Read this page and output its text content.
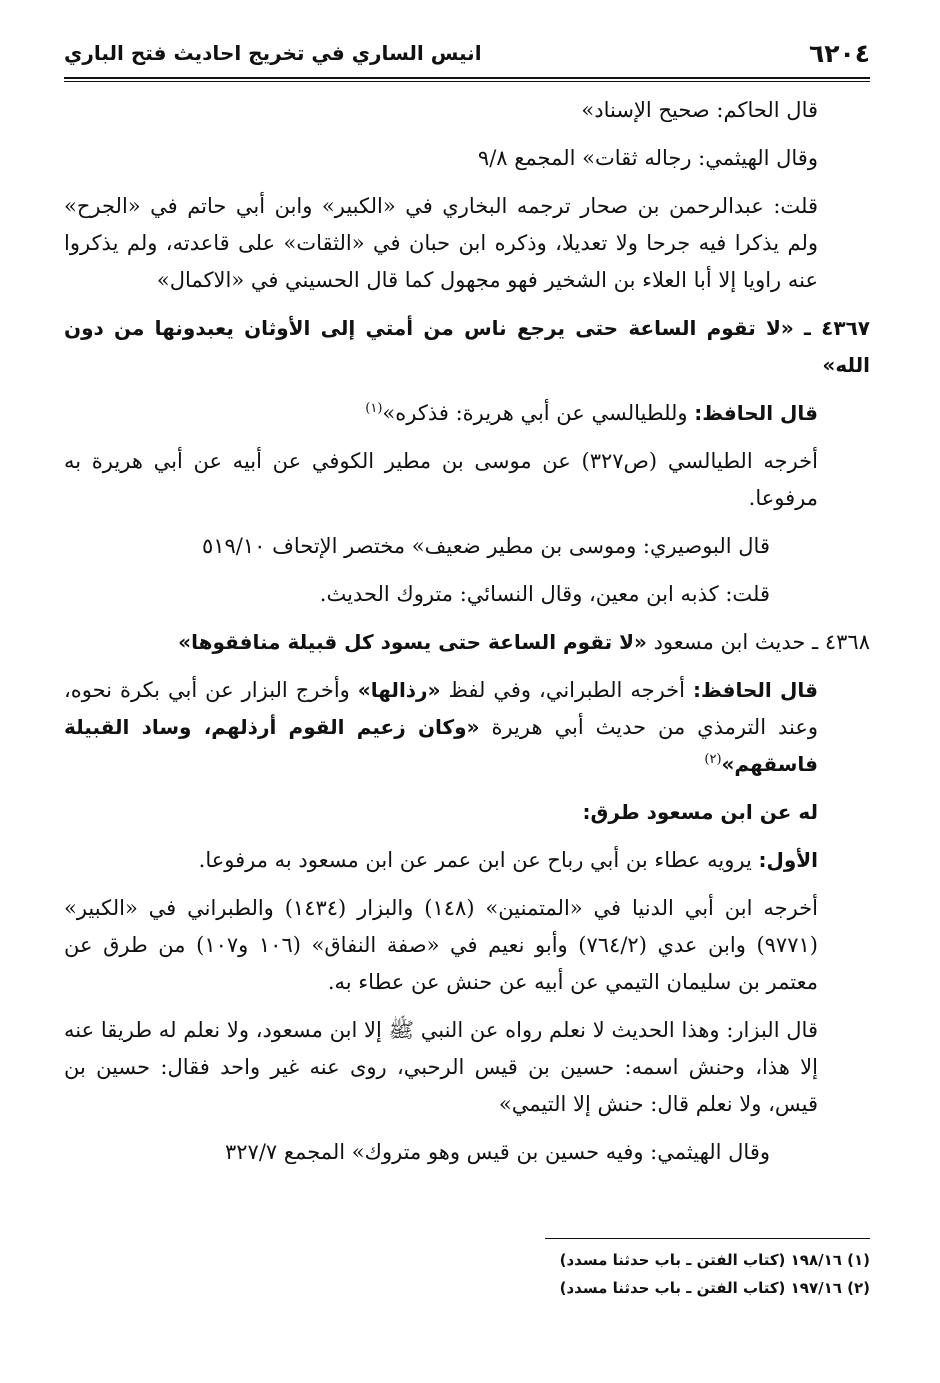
٦٢٠٤
انيس الساري في تخريج احاديث فتح الباري

قال الحاكم: صحيح الإسناد»

وقال الهيثمي: رجاله ثقات» المجمع ٩/٨

قلت: عبدالرحمن بن صحار ترجمه البخاري في «الكبير» وابن أبي حاتم في «الجرح» ولم يذكرا فيه جرحا ولا تعديلا، وذكره ابن حبان في «الثقات» على قاعدته، ولم يذكروا عنه راويا إلا أبا العلاء بن الشخير فهو مجهول كما قال الحسيني في «الاكمال»

٤٣٦٧ ـ «لا تقوم الساعة حتى يرجع ناس من أمتي إلى الأوثان يعبدونها من دون الله»

قال الحافظ: وللطيالسي عن أبي هريرة: فذكره»$^{(١)}$

أخرجه الطيالسي (ص٣٢٧) عن موسى بن مطير الكوفي عن أبيه عن أبي هريرة به مرفوعا.

قال البوصيري: وموسى بن مطير ضعيف» مختصر الإتحاف ٥١٩/١٠

قلت: كذبه ابن معين، وقال النسائي: متروك الحديث.

٤٣٦٨ ـ حديث ابن مسعود «لا تقوم الساعة حتى يسود كل قبيلة منافقوها»

قال الحافظ: أخرجه الطبراني، وفي لفظ «رذالها» وأخرج البزار عن أبي بكرة نحوه، وعند الترمذي من حديث أبي هريرة «وكان زعيم القوم أرذلهم، وساد القبيلة فاسقهم»$^{(٢)}$

له عن ابن مسعود طرق:

الأول: يرويه عطاء بن أبي رباح عن ابن عمر عن ابن مسعود به مرفوعا.

أخرجه ابن أبي الدنيا في «المتمنين» (١٤٨) والبزار (١٤٣٤) والطبراني في «الكبير» (٩٧٧١) وابن عدي (٧٦٤/٢) وأبو نعيم في «صفة النفاق» (١٠٦ و١٠٧) من طرق عن معتمر بن سليمان التيمي عن أبيه عن حنش عن عطاء به.

قال البزار: وهذا الحديث لا نعلم رواه عن النبي ﷺ إلا ابن مسعود، ولا نعلم له طريقا عنه إلا هذا، وحنش اسمه: حسين بن قيس الرحبي، روى عنه غير واحد فقال: حسين بن قيس، ولا نعلم قال: حنش إلا التيمي»

وقال الهيثمي: وفيه حسين بن قيس وهو متروك» المجمع ٣٢٧/٧

(١) ١٩٨/١٦ (كتاب الفتن ـ باب حدثنا مسدد)
(٢) ١٩٧/١٦ (كتاب الفتن ـ باب حدثنا مسدد)
